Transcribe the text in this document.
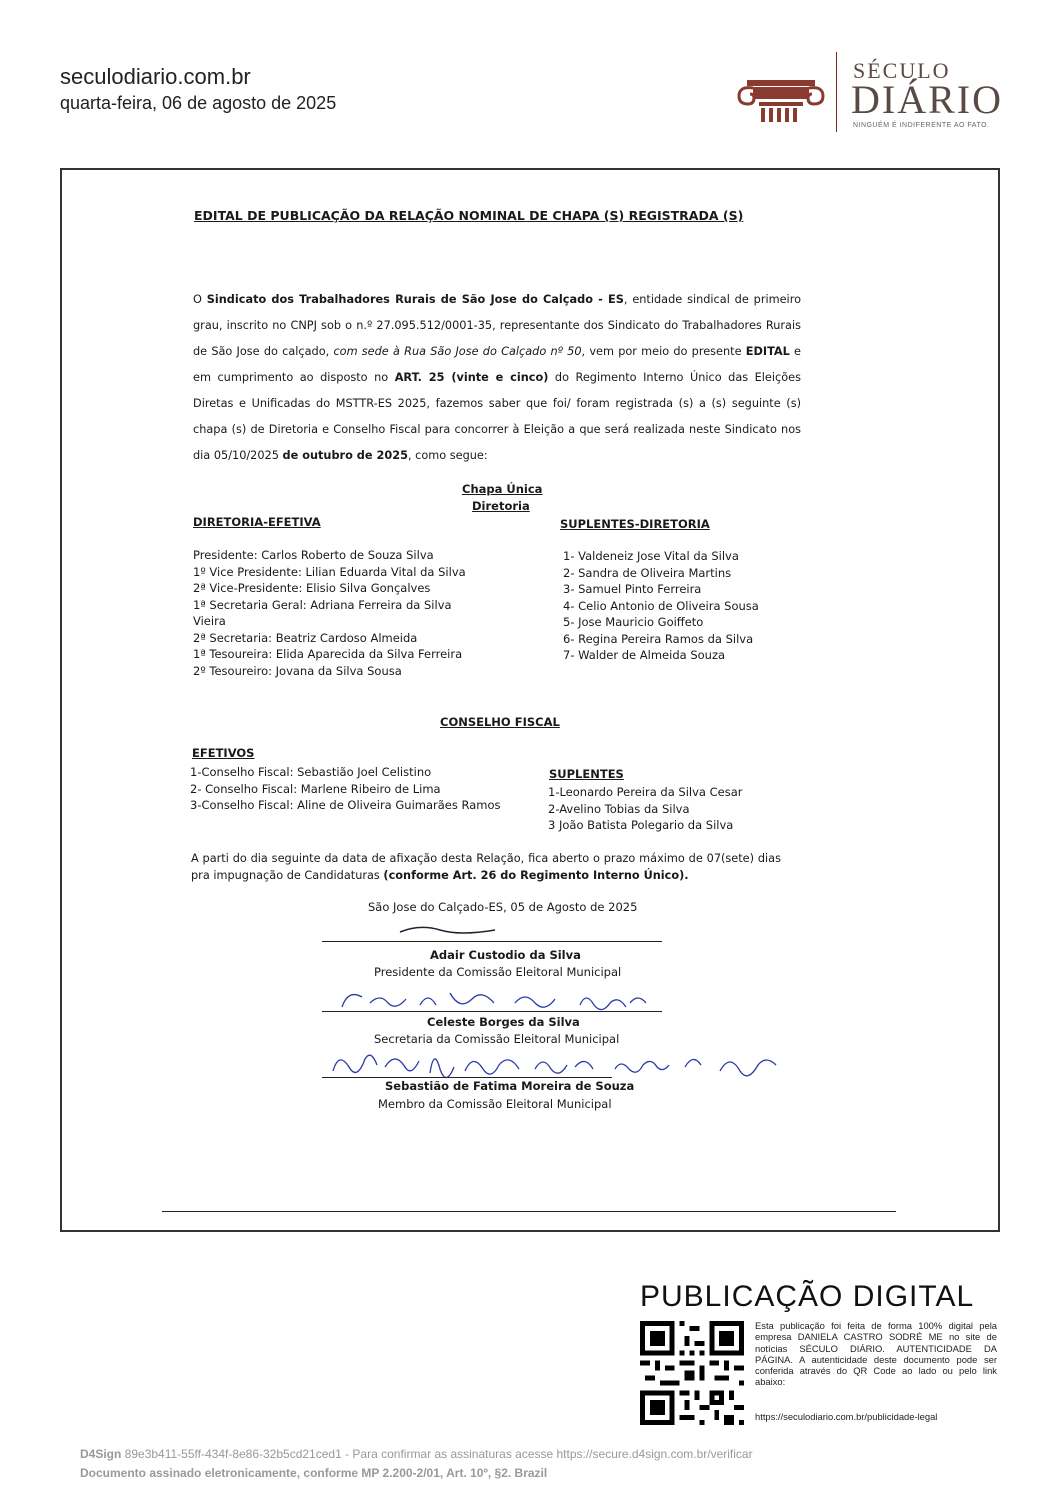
seculodiario.com.br
quarta-feira, 06 de agosto de 2025
SÉCULO
DIÁRIO
NINGUÉM É INDIFERENTE AO FATO.
EDITAL DE PUBLICAÇÃO DA RELAÇÃO NOMINAL DE CHAPA (S) REGISTRADA (S)
O Sindicato dos Trabalhadores Rurais de São Jose do Calçado - ES, entidade sindical de primeiro grau, inscrito no CNPJ sob o n.º 27.095.512/0001-35, representante dos Sindicato do Trabalhadores Rurais de São Jose do calçado, com sede à Rua São Jose do Calçado nº 50, vem por meio do presente EDITAL e em cumprimento ao disposto no ART. 25 (vinte e cinco) do Regimento Interno Único das Eleições Diretas e Unificadas do MSTTR-ES 2025, fazemos saber que foi/ foram registrada (s) a (s) seguinte (s) chapa (s) de Diretoria e Conselho Fiscal para concorrer à Eleição a que será realizada neste Sindicato nos dia 05/10/2025 de outubro de 2025, como segue:
Chapa Única
Diretoria
DIRETORIA-EFETIVA
Presidente: Carlos Roberto de Souza Silva
1º Vice Presidente: Lilian Eduarda Vital da Silva
2ª Vice-Presidente: Elisio Silva Gonçalves
1ª Secretaria Geral: Adriana Ferreira da Silva
Vieira
2ª Secretaria: Beatriz Cardoso Almeida
1ª Tesoureira: Elida Aparecida da Silva Ferreira
2º Tesoureiro: Jovana da Silva Sousa
SUPLENTES-DIRETORIA
1- Valdeneiz Jose Vital da Silva
2- Sandra de Oliveira Martins
3- Samuel Pinto Ferreira
4- Celio Antonio de Oliveira Sousa
5- Jose Mauricio Goiffeto
6- Regina Pereira Ramos da Silva
7- Walder de Almeida Souza
CONSELHO FISCAL
EFETIVOS
1-Conselho Fiscal: Sebastião Joel Celistino
2- Conselho Fiscal: Marlene Ribeiro de Lima
3-Conselho Fiscal: Aline de Oliveira Guimarães Ramos
SUPLENTES
1-Leonardo Pereira da Silva Cesar
2-Avelino Tobias da Silva
3 João Batista Polegario da Silva
A parti do dia seguinte da data de afixação desta Relação, fica aberto o prazo máximo de 07(sete) dias pra impugnação de Candidaturas (conforme Art. 26 do Regimento Interno Único).
São Jose do Calçado-ES, 05 de Agosto de 2025
Adair Custodio da Silva
Presidente da Comissão Eleitoral Municipal
Celeste Borges da Silva
Secretaria da Comissão Eleitoral Municipal
Sebastião de Fatima Moreira de Souza
Membro da Comissão Eleitoral Municipal
PUBLICAÇÃO DIGITAL
Esta publicação foi feita de forma 100% digital pela empresa DANIELA CASTRO SODRÉ ME no site de notícias SÉCULO DIÁRIO. AUTENTICIDADE DA PÁGINA. A autenticidade deste documento pode ser conferida através do QR Code ao lado ou pelo link abaixo:
https://seculodiario.com.br/publicidade-legal
D4Sign 89e3b411-55ff-434f-8e86-32b5cd21ced1 - Para confirmar as assinaturas acesse https://secure.d4sign.com.br/verificar
Documento assinado eletronicamente, conforme MP 2.200-2/01, Art. 10º, §2. Brazil
